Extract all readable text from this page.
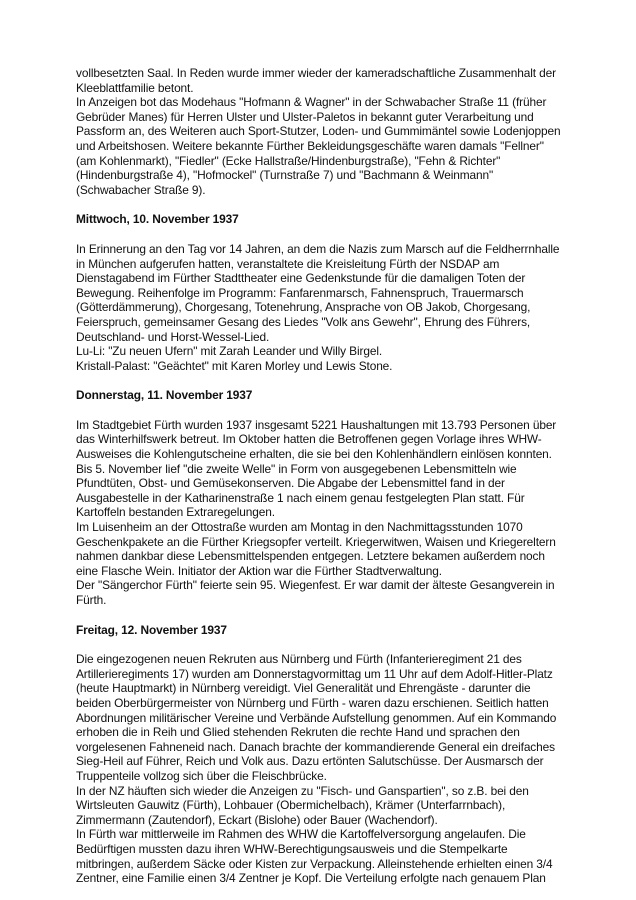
vollbesetzten Saal. In Reden wurde immer wieder der kameradschaftliche Zusammenhalt der Kleeblattfamilie betont.

In Anzeigen bot das Modehaus "Hofmann & Wagner" in der Schwabacher Straße 11 (früher Gebrüder Manes) für Herren Ulster und Ulster-Paletos in bekannt guter Verarbeitung und Passform an, des Weiteren auch Sport-Stutzer, Loden- und Gummimäntel sowie Lodenjoppen und Arbeitshosen. Weitere bekannte Fürther Bekleidungsgeschäfte waren damals "Fellner" (am Kohlenmarkt), "Fiedler" (Ecke Hallstraße/Hindenburgstraße), "Fehn & Richter" (Hindenburgstraße 4), "Hofmockel" (Turnstraße 7) und "Bachmann & Weinmann" (Schwabacher Straße 9).

Mittwoch, 10. November 1937

In Erinnerung an den Tag vor 14 Jahren, an dem die Nazis zum Marsch auf die Feldherrnhalle in München aufgerufen hatten, veranstaltete die Kreisleitung Fürth der NSDAP am Dienstagabend im Fürther Stadttheater eine Gedenkstunde für die damaligen Toten der Bewegung. Reihenfolge im Programm: Fanfarenmarsch, Fahnenspruch, Trauermarsch (Götterdämmerung), Chorgesang, Totenehrung, Ansprache von OB Jakob, Chorgesang, Feierspruch, gemeinsamer Gesang des Liedes "Volk ans Gewehr", Ehrung des Führers, Deutschland- und Horst-Wessel-Lied.

Lu-Li: "Zu neuen Ufern" mit Zarah Leander und Willy Birgel.

Kristall-Palast: "Geächtet" mit Karen Morley und Lewis Stone.

Donnerstag, 11. November 1937

Im Stadtgebiet Fürth wurden 1937 insgesamt 5221 Haushaltungen mit 13.793 Personen über das Winterhilfswerk betreut. Im Oktober hatten die Betroffenen gegen Vorlage ihres WHW-Ausweises die Kohlengutscheine erhalten, die sie bei den Kohlenhändlern einlösen konnten. Bis 5. November lief "die zweite Welle" in Form von ausgegebenen Lebensmitteln wie Pfundtüten, Obst- und Gemüsekonserven. Die Abgabe der Lebensmittel fand in der Ausgabestelle in der Katharinenstraße 1 nach einem genau festgelegten Plan statt. Für Kartoffeln bestanden Extraregelungen.

Im Luisenheim an der Ottostraße wurden am Montag in den Nachmittagsstunden 1070 Geschenkpakete an die Fürther Kriegsopfer verteilt. Kriegerwitwen, Waisen und Kriegereltern nahmen dankbar diese Lebensmittelspenden entgegen. Letztere bekamen außerdem noch eine Flasche Wein. Initiator der Aktion war die Fürther Stadtverwaltung.

Der "Sängerchor Fürth" feierte sein 95. Wiegenfest. Er war damit der älteste Gesangverein in Fürth.

Freitag, 12. November 1937

Die eingezogenen neuen Rekruten aus Nürnberg und Fürth (Infanterieregiment 21 des Artillerieregiments 17) wurden am Donnerstagvormittag um 11 Uhr auf dem Adolf-Hitler-Platz (heute Hauptmarkt) in Nürnberg vereidigt. Viel Generalität und Ehrengäste - darunter die beiden Oberbürgermeister von Nürnberg und Fürth - waren dazu erschienen. Seitlich hatten Abordnungen militärischer Vereine und Verbände Aufstellung genommen. Auf ein Kommando erhoben die in Reih und Glied stehenden Rekruten die rechte Hand und sprachen den vorgelesenen Fahneneid nach. Danach brachte der kommandierende General ein dreifaches Sieg-Heil auf Führer, Reich und Volk aus. Dazu ertönten Salutschüsse. Der Ausmarsch der Truppenteile vollzog sich über die Fleischbrücke.

In der NZ häuften sich wieder die Anzeigen zu "Fisch- und Ganspartien", so z.B. bei den Wirtsleuten Gauwitz (Fürth), Lohbauer (Obermichelbach), Krämer (Unterfarrnbach), Zimmermann (Zautendorf), Eckart (Bislohe) oder Bauer (Wachendorf).

In Fürth war mittlerweile im Rahmen des WHW die Kartoffelversorgung angelaufen. Die Bedürftigen mussten dazu ihren WHW-Berechtigungsausweis und die Stempelkarte mitbringen, außerdem Säcke oder Kisten zur Verpackung. Alleinstehende erhielten einen 3/4 Zentner, eine Familie einen 3/4 Zentner je Kopf. Die Verteilung erfolgte nach genauem Plan
